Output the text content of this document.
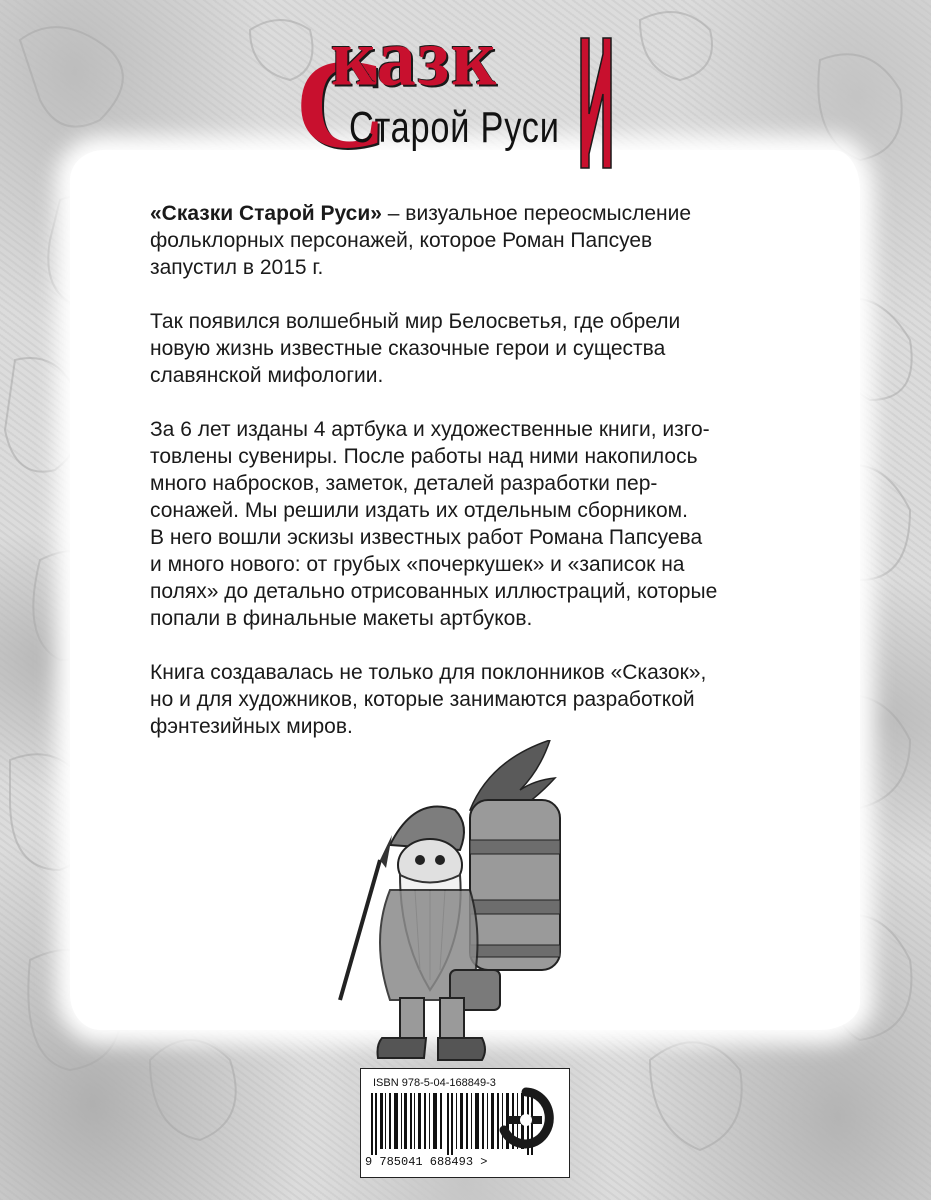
С
казк
Старой Руси

«Сказки Старой Руси» – визуальное переосмысление
фольклорных персонажей, которое Роман Папсуев
запустил в 2015 г.

Так появился волшебный мир Белосветья, где обрели
новую жизнь известные сказочные герои и существа
славянской мифологии.

За 6 лет изданы 4 артбука и художественные книги, изго-
товлены сувениры. После работы над ними накопилось
много набросков, заметок, деталей разработки пер-
сонажей. Мы решили издать их отдельным сборником.
В него вошли эскизы известных работ Романа Папсуева
и много нового: от грубых «почеркушек» и «записок на
полях» до детально отрисованных иллюстраций, которые
попали в финальные макеты артбуков.

Книга создавалась не только для поклонников «Сказок»,
но и для художников, которые занимаются разработкой
фэнтезийных миров.

ISBN 978-5-04-168849-3
9 785041 688493 >
